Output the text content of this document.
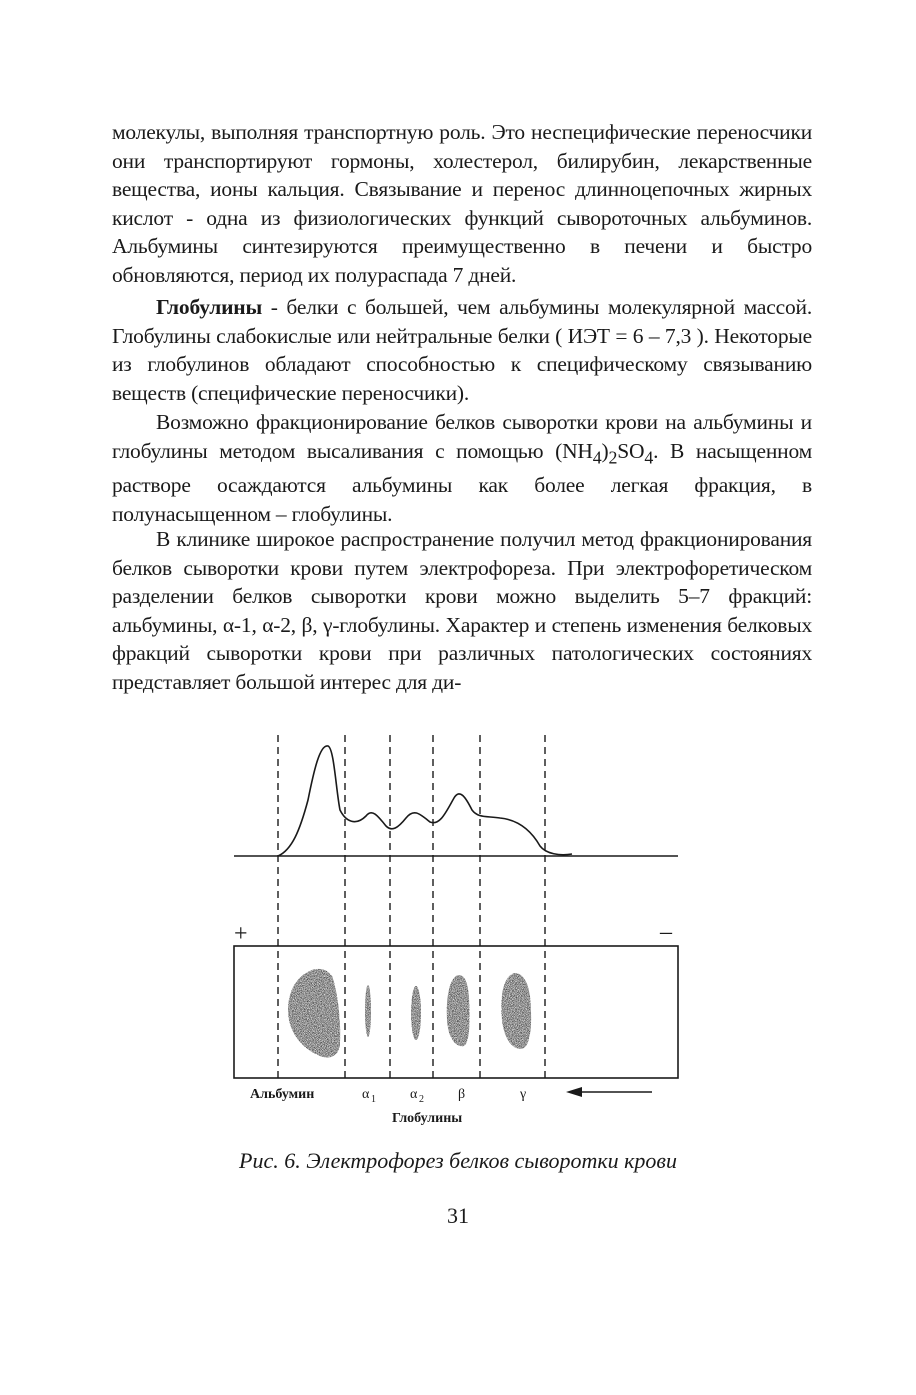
молекулы, выполняя транспортную роль. Это неспецифические переносчики они транспортируют гормоны, холестерол, билирубин, лекарственные вещества, ионы кальция. Связывание и перенос длинноцепочных жирных кислот - одна из физиологических функций сывороточных альбуминов. Альбумины синтезируются преимущественно в печени и быстро обновляются, период их полураспада 7 дней.

Глобулины - белки с большей, чем альбумины молекулярной массой. Глобулины слабокислые или нейтральные белки ( ИЭТ = 6 – 7,3 ). Некоторые из глобулинов обладают способностью к специфическому связыванию веществ (специфические переносчики).

Возможно фракционирование белков сыворотки крови на альбумины и глобулины методом высаливания с помощью $(NH_4)_2SO_4$. В насыщенном растворе осаждаются альбумины как более легкая фракция, в полунасыщенном – глобулины.

В клинике широкое распространение получил метод фракционирования белков сыворотки крови путем электрофореза. При электрофоретическом разделении белков сыворотки крови можно выделить 5–7 фракций: альбумины, α-1, α-2, β, γ-глобулины. Характер и степень изменения белковых фракций сыворотки крови при различных патологических состояниях представляет большой интерес для ди-

+	–
Альбумин	α 1 α 2 β	γ
Глобулины
Рис. 6. Электрофорез белков сыворотки крови
31
